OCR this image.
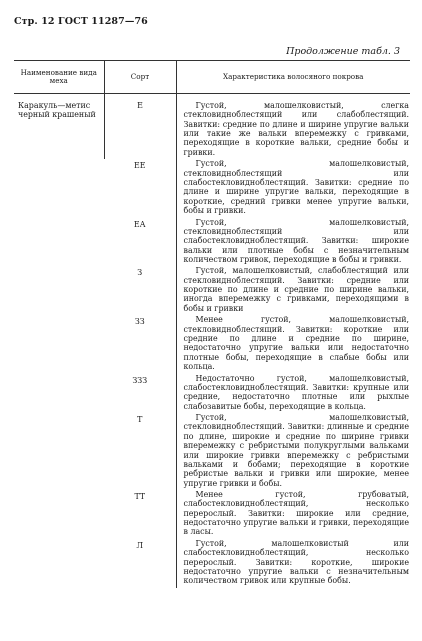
Стр. 12 ГОСТ 11287—76
Продолжение табл. 3
Наименование вида меха	Сорт	Характеристика волосяного покрова
Каракуль—метис черный крашеный	Е	Густой, малошелковистый, слегка стекловидноблестящий или слабоблестящий. Завитки: средние по длине и ширине упругие вальки или такие же вальки вперемежку с гривками, переходящие в короткие вальки, средние бобы и гривки.

	ЕЕ	Густой, малошелковистый, стекловидноблестящий или слабостекловидноблестящий. Завитки: средние по длине и ширине упругие вальки, переходящие в короткие, средний гривки менее упругие вальки, бобы и гривки.

	ЕА	Густой, малошелковистый, стекловидноблестящий или слабостекловидноблестящий. Завитки: широкие вальки или плотные бобы с незначительным количеством гривок, переходящие в бобы и гривки.

	З	Густой, малошелковистый, слабоблестящий или стекловидноблестящий. Завитки: средние или короткие по длине и средние по ширине вальки, иногда вперемежку с гривками, переходящими в бобы и гривки

	ЗЗ	Менее густой, малошелковистый, стекловидноблестящий. Завитки: короткие или средние по длине и средние по ширине, недостаточно упругие вальки или недостаточно плотные бобы, переходящие в слабые бобы или кольца.

	ЗЗЗ	Недостаточно густой, малошелковистый, слабостекловидноблестящий. Завитки: крупные или средние, недостаточно плотные или рыхлые слабозавитые бобы, переходящие в кольца.

	Т	Густой, малошелковистый, стекловидноблестящий. Завитки: длинные и средние по длине, широкие и средние по ширине гривки вперемежку с ребристыми полукруглыми вальками или широкие гривки вперемежку с ребристыми вальками и бобами; переходящие в короткие ребристые вальки и гривки или широкие, менее упругие гривки и бобы.

	ТТ	Менее густой, грубоватый, слабостекловидноблестящий, несколько перерослый. Завитки: широкие или средние, недостаточно упругие вальки и гривки, переходящие в ласы.

	Л	Густой, малошелковистый или слабостекловидноблестящий, несколько перерослый. Завитки: короткие, широкие недостаточно упругие вальки с незначительным количеством гривок или крупные бобы.
